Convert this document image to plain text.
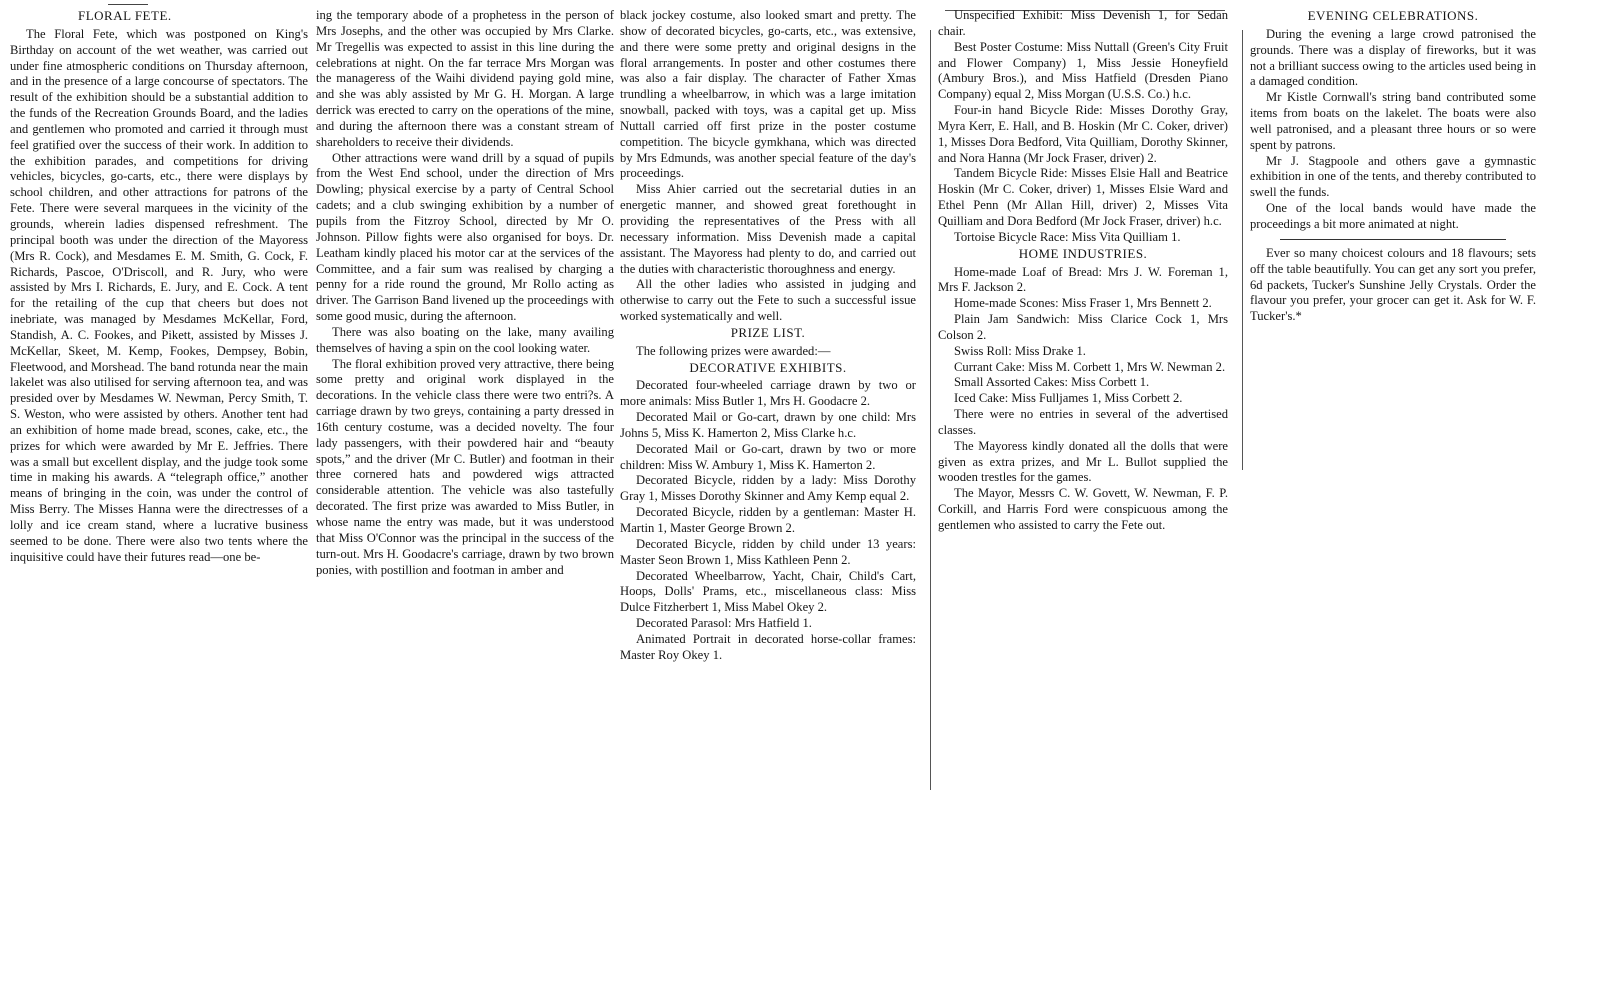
FLORAL FETE.

The Floral Fete, which was postponed on King's Birthday on account of the wet weather, was carried out under fine atmospheric conditions on Thursday afternoon, and in the presence of a large concourse of spectators. The result of the exhibition should be a substantial addition to the funds of the Recreation Grounds Board, and the ladies and gentlemen who promoted and carried it through must feel gratified over the success of their work. In addition to the exhibition parades, and competitions for driving vehicles, bicycles, go-carts, etc., there were displays by school children, and other attractions for patrons of the Fete. There were several marquees in the vicinity of the grounds, wherein ladies dispensed refreshment. The principal booth was under the direction of the Mayoress (Mrs R. Cock), and Mesdames E. M. Smith, G. Cock, F. Richards, Pascoe, O'Driscoll, and R. Jury, who were assisted by Mrs I. Richards, E. Jury, and E. Cock. A tent for the retailing of the cup that cheers but does not inebriate, was managed by Mesdames McKellar, Ford, Standish, A. C. Fookes, and Pikett, assisted by Misses J. McKellar, Skeet, M. Kemp, Fookes, Dempsey, Bobin, Fleetwood, and Morshead. The band rotunda near the main lakelet was also utilised for serving afternoon tea, and was presided over by Mesdames W. Newman, Percy Smith, T. S. Weston, who were assisted by others. Another tent had an exhibition of home made bread, scones, cake, etc., the prizes for which were awarded by Mr E. Jeffries. There was a small but excellent display, and the judge took some time in making his awards. A “telegraph office,” another means of bringing in the coin, was under the control of Miss Berry. The Misses Hanna were the directresses of a lolly and ice cream stand, where a lucrative business seemed to be done. There were also two tents where the inquisitive could have their futures read—one be-

ing the temporary abode of a prophetess in the person of Mrs Josephs, and the other was occupied by Mrs Clarke. Mr Tregellis was expected to assist in this line during the celebrations at night. On the far terrace Mrs Morgan was the manageress of the Waihi dividend paying gold mine, and she was ably assisted by Mr G. H. Morgan. A large derrick was erected to carry on the operations of the mine, and during the afternoon there was a constant stream of shareholders to receive their dividends.

Other attractions were wand drill by a squad of pupils from the West End school, under the direction of Mrs Dowling; physical exercise by a party of Central School cadets; and a club swinging exhibition by a number of pupils from the Fitzroy School, directed by Mr O. Johnson. Pillow fights were also organised for boys. Dr. Leatham kindly placed his motor car at the services of the Committee, and a fair sum was realised by charging a penny for a ride round the ground, Mr Rollo acting as driver. The Garrison Band livened up the proceedings with some good music, during the afternoon.

There was also boating on the lake, many availing themselves of having a spin on the cool looking water.

The floral exhibition proved very attractive, there being some pretty and original work displayed in the decorations. In the vehicle class there were two entri?s. A carriage drawn by two greys, containing a party dressed in 16th century costume, was a decided novelty. The four lady passengers, with their powdered hair and “beauty spots,” and the driver (Mr C. Butler) and footman in their three cornered hats and powdered wigs attracted considerable attention. The vehicle was also tastefully decorated. The first prize was awarded to Miss Butler, in whose name the entry was made, but it was understood that Miss O'Connor was the principal in the success of the turn-out. Mrs H. Goodacre's carriage, drawn by two brown ponies, with postillion and footman in amber and

black jockey costume, also looked smart and pretty. The show of decorated bicycles, go-carts, etc., was extensive, and there were some pretty and original designs in the floral arrangements. In poster and other costumes there was also a fair display. The character of Father Xmas trundling a wheelbarrow, in which was a large imitation snowball, packed with toys, was a capital get up. Miss Nuttall carried off first prize in the poster costume competition. The bicycle gymkhana, which was directed by Mrs Edmunds, was another special feature of the day's proceedings.

Miss Ahier carried out the secretarial duties in an energetic manner, and showed great forethought in providing the representatives of the Press with all necessary information. Miss Devenish made a capital assistant. The Mayoress had plenty to do, and carried out the duties with characteristic thoroughness and energy.

All the other ladies who assisted in judging and otherwise to carry out the Fete to such a successful issue worked systematically and well.

PRIZE LIST.

The following prizes were awarded:—

DECORATIVE EXHIBITS.

Decorated four-wheeled carriage drawn by two or more animals: Miss Butler 1, Mrs H. Goodacre 2.

Decorated Mail or Go-cart, drawn by one child: Mrs Johns 5, Miss K. Hamerton 2, Miss Clarke h.c.

Decorated Mail or Go-cart, drawn by two or more children: Miss W. Ambury 1, Miss K. Hamerton 2.

Decorated Bicycle, ridden by a lady: Miss Dorothy Gray 1, Misses Dorothy Skinner and Amy Kemp equal 2.

Decorated Bicycle, ridden by a gentleman: Master H. Martin 1, Master George Brown 2.

Decorated Bicycle, ridden by child under 13 years: Master Seon Brown 1, Miss Kathleen Penn 2.

Decorated Wheelbarrow, Yacht, Chair, Child's Cart, Hoops, Dolls' Prams, etc., miscellaneous class: Miss Dulce Fitzherbert 1, Miss Mabel Okey 2.

Decorated Parasol: Mrs Hatfield 1.

Animated Portrait in decorated horse-collar frames: Master Roy Okey 1.

Unspecified Exhibit: Miss Devenish 1, for Sedan chair.

Best Poster Costume: Miss Nuttall (Green's City Fruit and Flower Company) 1, Miss Jessie Honeyfield (Ambury Bros.), and Miss Hatfield (Dresden Piano Company) equal 2, Miss Morgan (U.S.S. Co.) h.c.

Four-in hand Bicycle Ride: Misses Dorothy Gray, Myra Kerr, E. Hall, and B. Hoskin (Mr C. Coker, driver) 1, Misses Dora Bedford, Vita Quilliam, Dorothy Skinner, and Nora Hanna (Mr Jock Fraser, driver) 2.

Tandem Bicycle Ride: Misses Elsie Hall and Beatrice Hoskin (Mr C. Coker, driver) 1, Misses Elsie Ward and Ethel Penn (Mr Allan Hill, driver) 2, Misses Vita Quilliam and Dora Bedford (Mr Jock Fraser, driver) h.c.

Tortoise Bicycle Race: Miss Vita Quilliam 1.

HOME INDUSTRIES.

Home-made Loaf of Bread: Mrs J. W. Foreman 1, Mrs F. Jackson 2.

Home-made Scones: Miss Fraser 1, Mrs Bennett 2.

Plain Jam Sandwich: Miss Clarice Cock 1, Mrs Colson 2.

Swiss Roll: Miss Drake 1.

Currant Cake: Miss M. Corbett 1, Mrs W. Newman 2.

Small Assorted Cakes: Miss Corbett 1.

Iced Cake: Miss Fulljames 1, Miss Corbett 2.

There were no entries in several of the advertised classes.

The Mayoress kindly donated all the dolls that were given as extra prizes, and Mr L. Bullot supplied the wooden trestles for the games.

The Mayor, Messrs C. W. Govett, W. Newman, F. P. Corkill, and Harris Ford were conspicuous among the gentlemen who assisted to carry the Fete out.

EVENING CELEBRATIONS.

During the evening a large crowd patronised the grounds. There was a display of fireworks, but it was not a brilliant success owing to the articles used being in a damaged condition.

Mr Kistle Cornwall's string band contributed some items from boats on the lakelet. The boats were also well patronised, and a pleasant three hours or so were spent by patrons.

Mr J. Stagpoole and others gave a gymnastic exhibition in one of the tents, and thereby contributed to swell the funds.

One of the local bands would have made the proceedings a bit more animated at night.

Ever so many choicest colours and 18 flavours; sets off the table beautifully. You can get any sort you prefer, 6d packets, Tucker's Sunshine Jelly Crystals. Order the flavour you prefer, your grocer can get it. Ask for W. F. Tucker's.*
